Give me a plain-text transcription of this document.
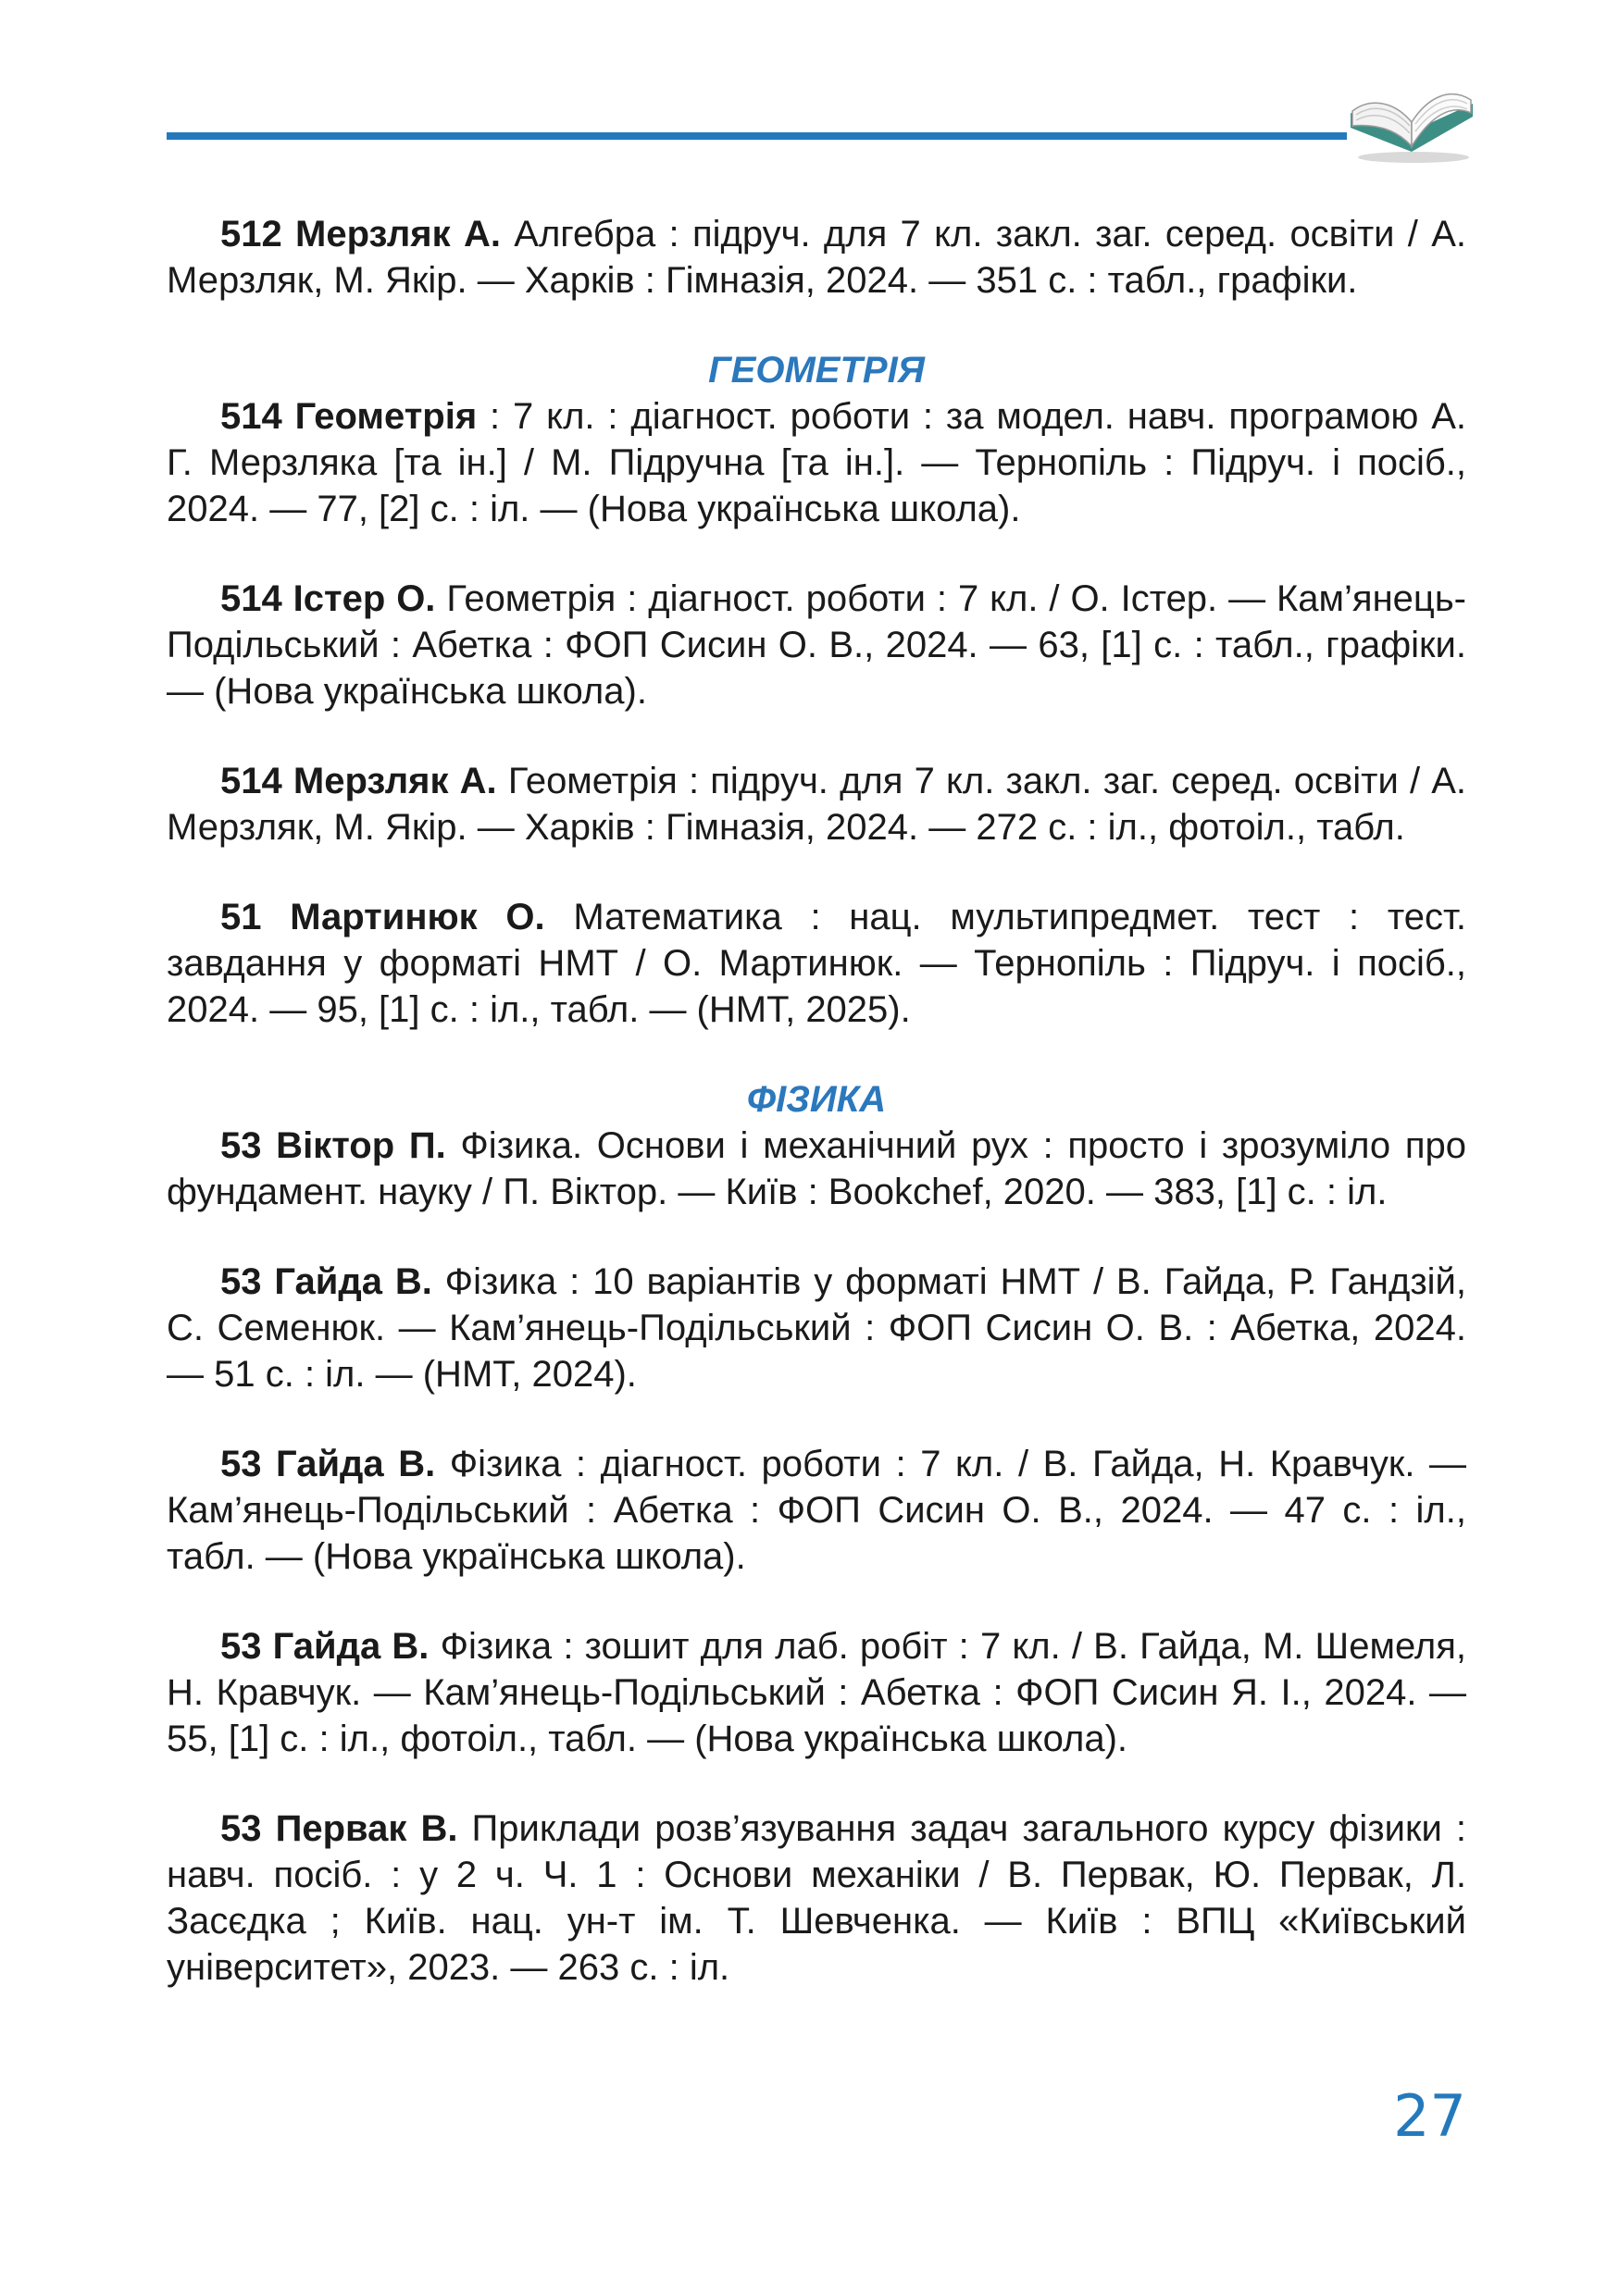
512 Мерзляк А. Алгебра : підруч. для 7 кл. закл. заг. серед. освіти / А. Мерзляк, М. Якір. — Харків : Гімназія, 2024. — 351 с. : табл., графіки.

ГЕОМЕТРІЯ

514 Геометрія : 7 кл. : діагност. роботи : за модел. навч. програмою А. Г. Мерзляка [та ін.] / М. Підручна [та ін.]. — Тернопіль : Підруч. і посіб., 2024. — 77, [2] с. : іл. — (Нова українська школа).

514 Істер О. Геометрія : діагност. роботи : 7 кл. / О. Істер. — Кам’янець-Подільський : Абетка : ФОП Сисин О. В., 2024. — 63, [1] с. : табл., графіки. — (Нова українська школа).

514 Мерзляк А. Геометрія : підруч. для 7 кл. закл. заг. серед. освіти / А. Мерзляк, М. Якір. — Харків : Гімназія, 2024. — 272 с. : іл., фотоіл., табл.

51 Мартинюк О. Математика : нац. мультипредмет. тест : тест. завдання у форматі НМТ / О. Мартинюк. — Тернопіль : Підруч. і посіб., 2024. — 95, [1] с. : іл., табл. — (НМТ, 2025).

ФІЗИКА

53 Віктор П. Фізика. Основи і механічний рух : просто і зрозуміло про фундамент. науку / П. Віктор. — Київ : Bookchef, 2020. — 383, [1] с. : іл.

53 Гайда В. Фізика : 10 варіантів у форматі НМТ / В. Гайда, Р. Гандзій, С. Семенюк. — Кам’янець-Подільський : ФОП Сисин О. В. : Абетка, 2024. — 51 с. : іл. — (НМТ, 2024).

53 Гайда В. Фізика : діагност. роботи : 7 кл. / В. Гайда, Н. Кравчук. — Кам’янець-Подільський : Абетка : ФОП Сисин О. В., 2024. — 47 с. : іл., табл. — (Нова українська школа).

53 Гайда В. Фізика : зошит для лаб. робіт : 7 кл. / В. Гайда, М. Шемеля, Н. Кравчук. — Кам’янець-Подільський : Абетка : ФОП Сисин Я. І., 2024. — 55, [1] с. : іл., фотоіл., табл. — (Нова українська школа).

53 Первак В. Приклади розв’язування задач загального курсу фізики : навч. посіб. : у 2 ч. Ч. 1 : Основи механіки / В. Первак, Ю. Первак, Л. Засєдка ; Київ. нац. ун-т ім. Т. Шевченка. — Київ : ВПЦ «Київський університет», 2023. — 263 с. : іл.

27
